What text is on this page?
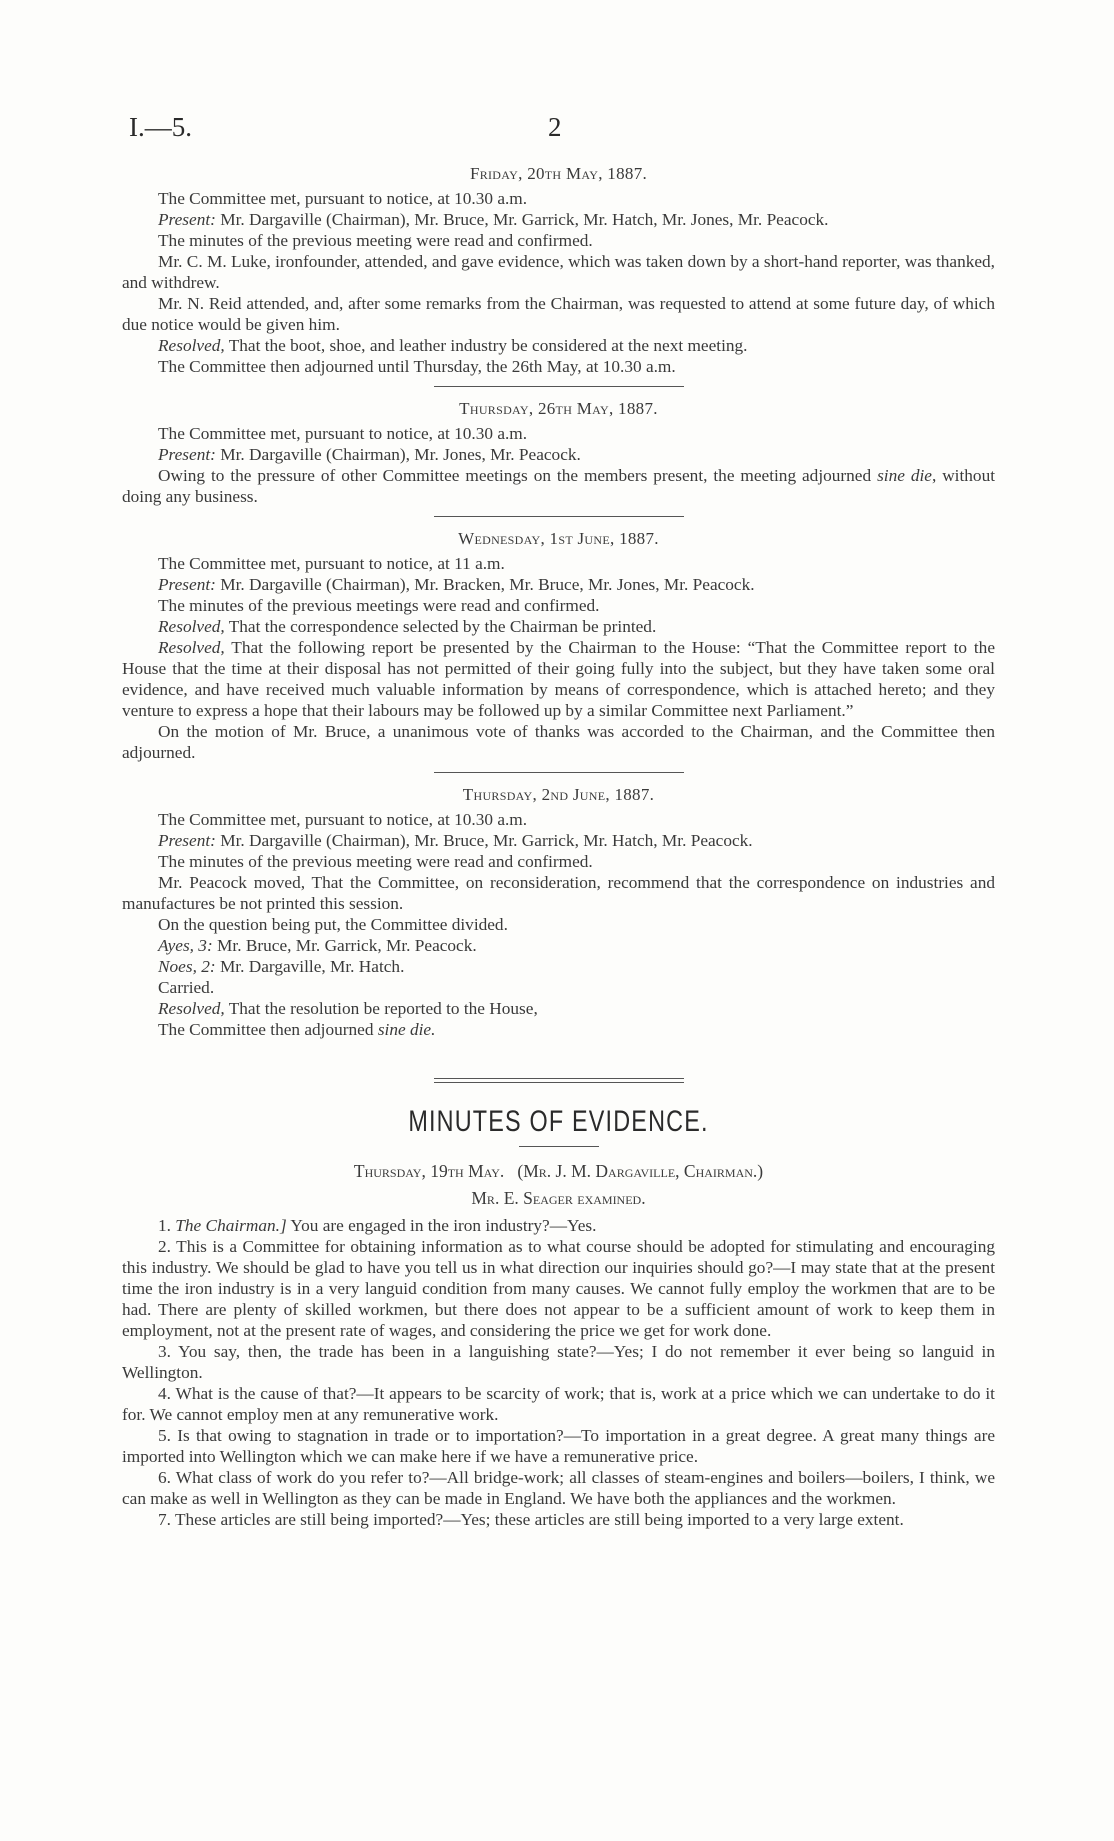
I.—5.	2
Friday, 20th May, 1887.

The Committee met, pursuant to notice, at 10.30 a.m.

Present: Mr. Dargaville (Chairman), Mr. Bruce, Mr. Garrick, Mr. Hatch, Mr. Jones, Mr. Peacock.

The minutes of the previous meeting were read and confirmed.

Mr. C. M. Luke, ironfounder, attended, and gave evidence, which was taken down by a short-hand reporter, was thanked, and withdrew.

Mr. N. Reid attended, and, after some remarks from the Chairman, was requested to attend at some future day, of which due notice would be given him.

Resolved, That the boot, shoe, and leather industry be considered at the next meeting.

The Committee then adjourned until Thursday, the 26th May, at 10.30 a.m.

Thursday, 26th May, 1887.

The Committee met, pursuant to notice, at 10.30 a.m.

Present: Mr. Dargaville (Chairman), Mr. Jones, Mr. Peacock.

Owing to the pressure of other Committee meetings on the members present, the meeting adjourned sine die, without doing any business.

Wednesday, 1st June, 1887.

The Committee met, pursuant to notice, at 11 a.m.

Present: Mr. Dargaville (Chairman), Mr. Bracken, Mr. Bruce, Mr. Jones, Mr. Peacock.

The minutes of the previous meetings were read and confirmed.

Resolved, That the correspondence selected by the Chairman be printed.

Resolved, That the following report be presented by the Chairman to the House: “That the Committee report to the House that the time at their disposal has not permitted of their going fully into the subject, but they have taken some oral evidence, and have received much valuable information by means of correspondence, which is attached hereto; and they venture to express a hope that their labours may be followed up by a similar Committee next Parliament.”

On the motion of Mr. Bruce, a unanimous vote of thanks was accorded to the Chairman, and the Committee then adjourned.

Thursday, 2nd June, 1887.

The Committee met, pursuant to notice, at 10.30 a.m.

Present: Mr. Dargaville (Chairman), Mr. Bruce, Mr. Garrick, Mr. Hatch, Mr. Peacock.

The minutes of the previous meeting were read and confirmed.

Mr. Peacock moved, That the Committee, on reconsideration, recommend that the correspondence on industries and manufactures be not printed this session.

On the question being put, the Committee divided.

Ayes, 3: Mr. Bruce, Mr. Garrick, Mr. Peacock.

Noes, 2: Mr. Dargaville, Mr. Hatch.

Carried.

Resolved, That the resolution be reported to the House,

The Committee then adjourned sine die.

MINUTES OF EVIDENCE.
Thursday, 19th May. (Mr. J. M. Dargaville, Chairman.)
Mr. E. Seager examined.

1. The Chairman.] You are engaged in the iron industry?—Yes.

2. This is a Committee for obtaining information as to what course should be adopted for stimulating and encouraging this industry. We should be glad to have you tell us in what direction our inquiries should go?—I may state that at the present time the iron industry is in a very languid condition from many causes. We cannot fully employ the workmen that are to be had. There are plenty of skilled workmen, but there does not appear to be a sufficient amount of work to keep them in employment, not at the present rate of wages, and considering the price we get for work done.

3. You say, then, the trade has been in a languishing state?—Yes; I do not remember it ever being so languid in Wellington.

4. What is the cause of that?—It appears to be scarcity of work; that is, work at a price which we can undertake to do it for. We cannot employ men at any remunerative work.

5. Is that owing to stagnation in trade or to importation?—To importation in a great degree. A great many things are imported into Wellington which we can make here if we have a remunerative price.

6. What class of work do you refer to?—All bridge-work; all classes of steam-engines and boilers—boilers, I think, we can make as well in Wellington as they can be made in England. We have both the appliances and the workmen.

7. These articles are still being imported?—Yes; these articles are still being imported to a very large extent.
